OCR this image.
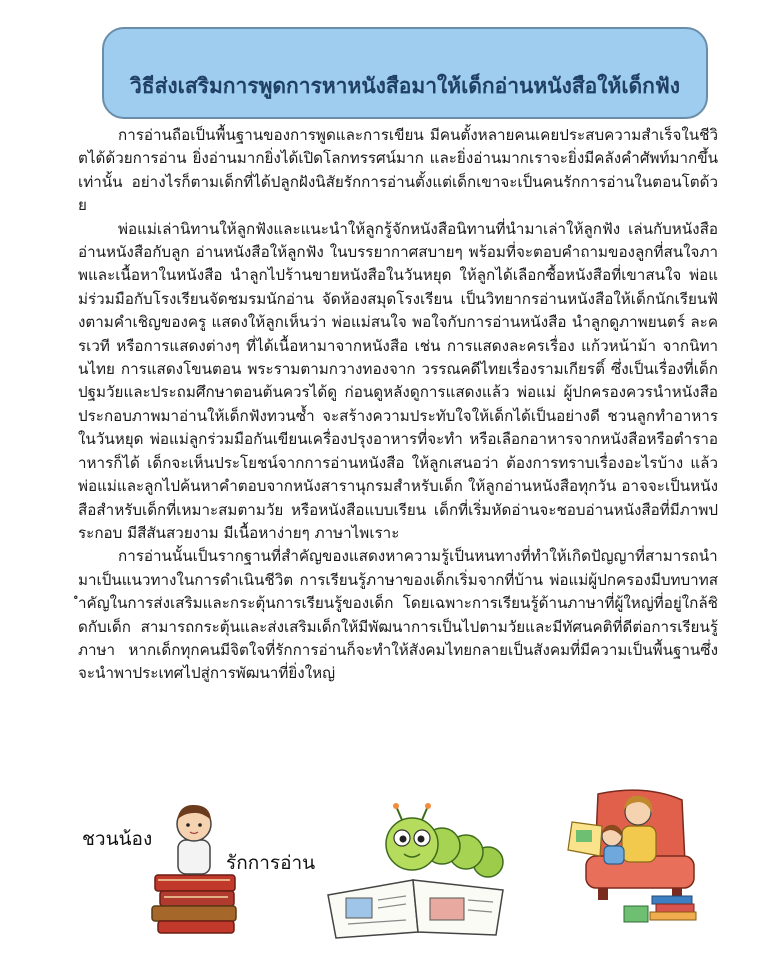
วิธีส่งเสริมการพูดการหาหนังสือมาให้เด็กอ่านหนังสือให้เด็กฟัง

การอ่านถือเป็นพื้นฐานของการพูดและการเขียน มีคนตั้งหลายคนเคยประสบความสำเร็จในชีวิตได้ด้วยการอ่าน ยิ่งอ่านมากยิ่งได้เปิดโลกทรรศน์มาก และยิ่งอ่านมากเราจะยิ่งมีคลังคำศัพท์มากขึ้นเท่านั้น อย่างไรก็ตามเด็กที่ได้ปลูกฝังนิสัยรักการอ่านตั้งแต่เด็กเขาจะเป็นคนรักการอ่านในตอนโตด้วย

พ่อแม่เล่านิทานให้ลูกฟังและแนะนำให้ลูกรู้จักหนังสือนิทานที่นำมาเล่าให้ลูกฟัง เล่นกับหนังสือ อ่านหนังสือกับลูก อ่านหนังสือให้ลูกฟัง ในบรรยากาศสบายๆ พร้อมที่จะตอบคำถามของลูกที่สนใจภาพและเนื้อหาในหนังสือ นำลูกไปร้านขายหนังสือในวันหยุด ให้ลูกได้เลือกซื้อหนังสือที่เขาสนใจ พ่อแม่ร่วมมือกับโรงเรียนจัดชมรมนักอ่าน จัดห้องสมุดโรงเรียน เป็นวิทยากรอ่านหนังสือให้เด็กนักเรียนฟังตามคำเชิญของครู แสดงให้ลูกเห็นว่า พ่อแม่สนใจ พอใจกับการอ่านหนังสือ นำลูกดูภาพยนตร์ ละครเวที หรือการแสดงต่างๆ ที่ได้เนื้อหามาจากหนังสือ เช่น การแสดงละครเรื่อง แก้วหน้าม้า จากนิทานไทย การแสดงโขนตอน พระรามตามกวางทองจาก วรรณคดีไทยเรื่องรามเกียรติ์ ซึ่งเป็นเรื่องที่เด็กปฐมวัยและประถมศึกษาตอนต้นควรได้ดู ก่อนดูหลังดูการแสดงแล้ว พ่อแม่ ผู้ปกครองควรนำหนังสือประกอบภาพมาอ่านให้เด็กฟังทวนซ้ำ จะสร้างความประทับใจให้เด็กได้เป็นอย่างดี ชวนลูกทำอาหารในวันหยุด พ่อแม่ลูกร่วมมือกันเขียนเครื่องปรุงอาหารที่จะทำ หรือเลือกอาหารจากหนังสือหรือตำราอาหารก็ได้ เด็กจะเห็นประโยชน์จากการอ่านหนังสือ ให้ลูกเสนอว่า ต้องการทราบเรื่องอะไรบ้าง แล้วพ่อแม่และลูกไปค้นหาคำตอบจากหนังสารานุกรมสำหรับเด็ก ให้ลูกอ่านหนังสือทุกวัน อาจจะเป็นหนังสือสำหรับเด็กที่เหมาะสมตามวัย หรือหนังสือแบบเรียน เด็กที่เริ่มหัดอ่านจะชอบอ่านหนังสือที่มีภาพประกอบ มีสีสันสวยงาม มีเนื้อหาง่ายๆ ภาษาไพเราะ

การอ่านนั้นเป็นรากฐานที่สำคัญของแสดงหาความรู้เป็นหนทางที่ทำให้เกิดปัญญาที่สามารถนำมาเป็นแนวทางในการดำเนินชีวิต การเรียนรู้ภาษาของเด็กเริ่มจากที่บ้าน พ่อแม่ผู้ปกครองมีบทบาทสำคัญในการส่งเสริมและกระตุ้นการเรียนรู้ของเด็ก โดยเฉพาะการเรียนรู้ด้านภาษาที่ผู้ใหญ่ที่อยู่ใกล้ชิดกับเด็ก สามารถกระตุ้นและส่งเสริมเด็กให้มีพัฒนาการเป็นไปตามวัยและมีทัศนคติที่ดีต่อการเรียนรู้ภาษา หากเด็กทุกคนมีจิตใจที่รักการอ่านก็จะทำให้สังคมไทยกลายเป็นสังคมที่มีความเป็นพื้นฐานซึ่งจะนำพาประเทศไปสู่การพัฒนาที่ยิ่งใหญ่

ชวนน้อง
รักการอ่าน
